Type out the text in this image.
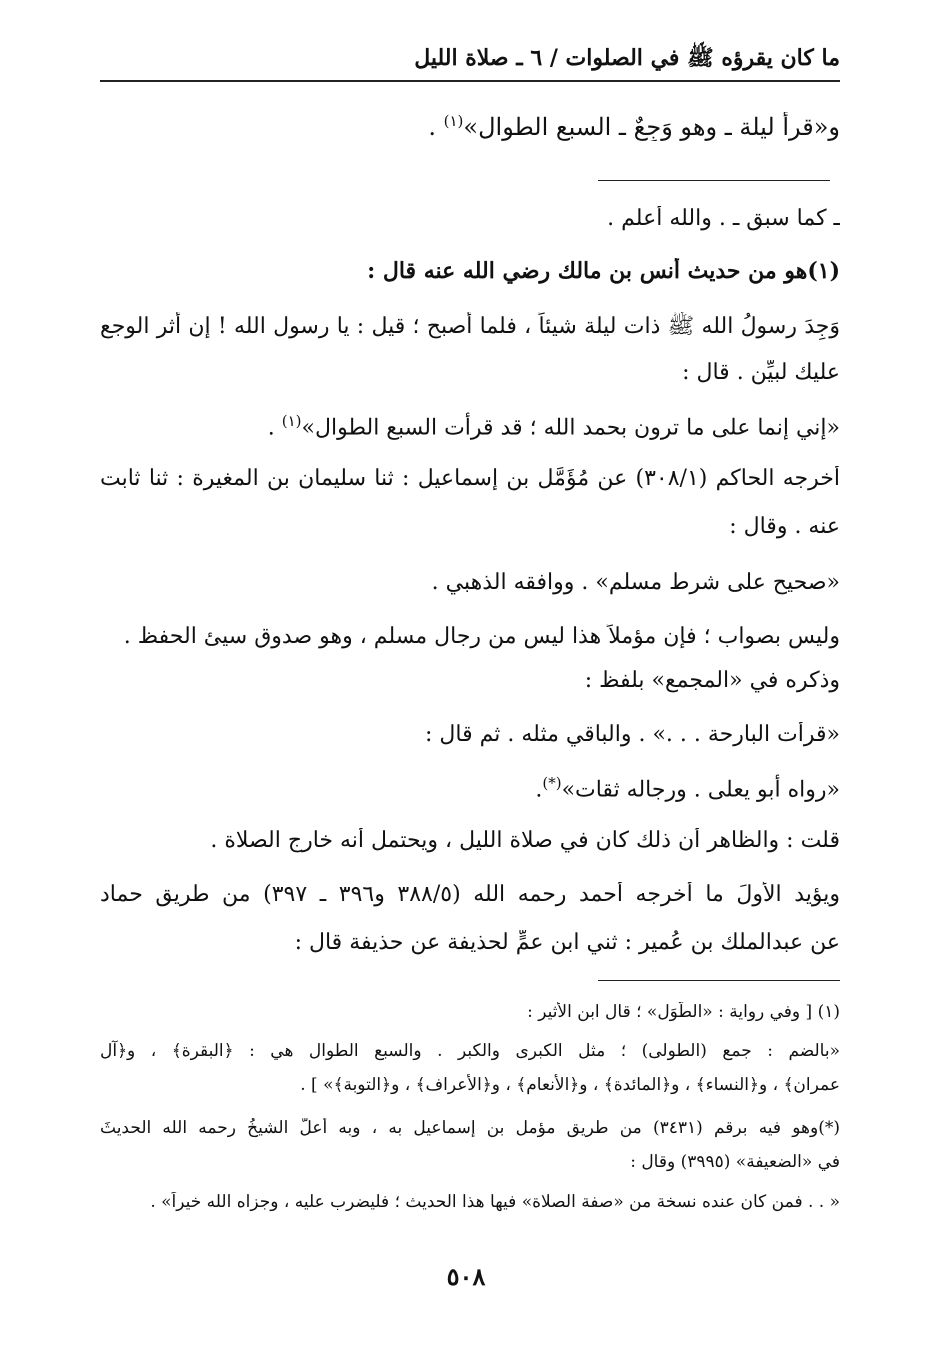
ما كان يقرؤه ﷺ في الصلوات / ٦ ـ صلاة الليل
و«قرأ ليلة ـ وهو وَجِعٌ ـ السبع الطوال»$^{(١)}$ .
ـ كما سبق ـ . والله أعلم .
(١)هو من حديث أنس بن مالك رضي الله عنه قال :
وَجِدَ رسولُ الله ﷺ ذات ليلة شيئاً ، فلما أصبح ؛ قيل : يا رسول الله ! إن أثر الوجع
عليك لبيِّن . قال :
«إني إنما على ما ترون بحمد الله ؛ قد قرأت السبع الطوال»$^{(١)}$ .
أخرجه الحاكم (٣٠٨/١) عن مُؤَمَّل بن إسماعيل : ثنا سليمان بن المغيرة : ثنا ثابت
عنه . وقال :
«صحيح على شرط مسلم» . ووافقه الذهبي .
وليس بصواب ؛ فإن مؤملاً هذا ليس من رجال مسلم ، وهو صدوق سيئ الحفظ .
وذكره في «المجمع» بلفظ :
«قرأت البارحة . . .» . والباقي مثله . ثم قال :
«رواه أبو يعلى . ورجاله ثقات»(*).
قلت : والظاهر أن ذلك كان في صلاة الليل ، ويحتمل أنه خارج الصلاة .
ويؤيد الأولَ ما أخرجه أحمد رحمه الله (٣٨٨/٥ و٣٩٦ ـ ٣٩٧) من طريق حماد
عن عبدالملك بن عُمير : ثني ابن عمٍّ لحذيفة عن حذيفة قال :
(١) [ وفي رواية : «الطُّوَل» ؛ قال ابن الأثير :
«بالضم : جمع (الطولى) ؛ مثل الكبرى والكبر . والسبع الطوال هي : ﴿البقرة﴾ ، و﴿آل
عمران﴾ ، و﴿النساء﴾ ، و﴿المائدة﴾ ، و﴿الأنعام﴾ ، و﴿الأعراف﴾ ، و﴿التوبة﴾» ] .
(*)وهو فيه برقم (٣٤٣١) من طريق مؤمل بن إسماعيل به ، وبه أعلَّ الشيخُ رحمه الله الحديثَ
في «الضعيفة» (٣٩٩٥) وقال :
« . . فمن كان عنده نسخة من «صفة الصلاة» فيها هذا الحديث ؛ فليضرب عليه ، وجزاه الله خيراً» .
٥٠٨
